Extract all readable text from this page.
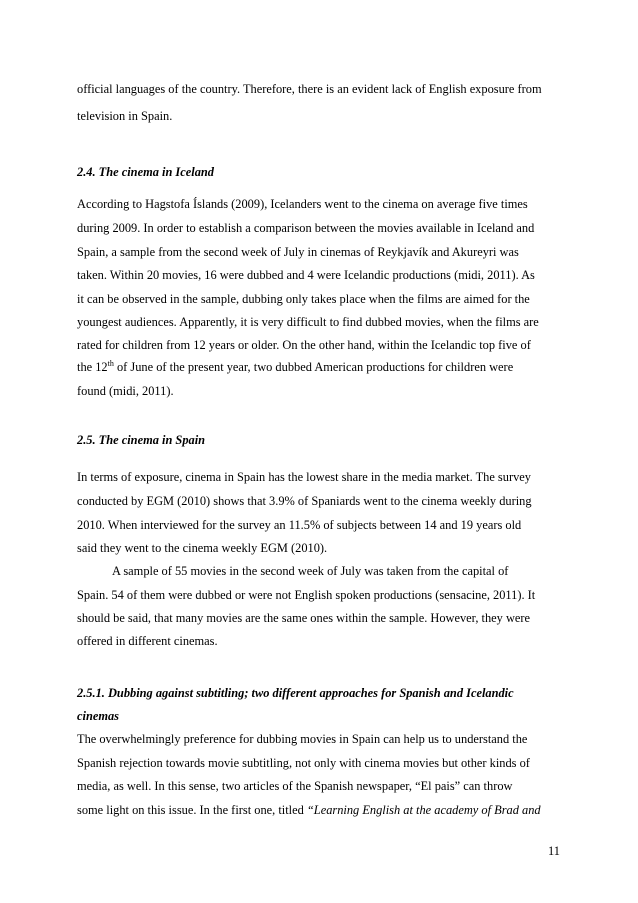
official languages of the country. Therefore, there is an evident lack of English exposure from
television in Spain.
2.4. The cinema in Iceland
According to Hagstofa Íslands (2009), Icelanders went to the cinema on average five times
during 2009. In order to establish a comparison between the movies available in Iceland and
Spain, a sample from the second week of July in cinemas of Reykjavík and Akureyri was
taken. Within 20 movies, 16 were dubbed and 4 were Icelandic productions (midi, 2011). As
it can be observed in the sample, dubbing only takes place when the films are aimed for the
youngest audiences. Apparently, it is very difficult to find dubbed movies, when the films are
rated for children from 12 years or older. On the other hand, within the Icelandic top five of
the 12th of June of the present year, two dubbed American productions for children were
found (midi, 2011).
2.5. The cinema in Spain
In terms of exposure, cinema in Spain has the lowest share in the media market. The survey
conducted by EGM (2010) shows that 3.9% of Spaniards went to the cinema weekly during
2010. When interviewed for the survey an 11.5% of subjects between 14 and 19 years old
said they went to the cinema weekly EGM (2010).
A sample of 55 movies in the second week of July was taken from the capital of
Spain. 54 of them were dubbed or were not English spoken productions (sensacine, 2011). It
should be said, that many movies are the same ones within the sample. However, they were
offered in different cinemas.
2.5.1. Dubbing against subtitling; two different approaches for Spanish and Icelandic
cinemas
The overwhelmingly preference for dubbing movies in Spain can help us to understand the
Spanish rejection towards movie subtitling, not only with cinema movies but other kinds of
media, as well. In this sense, two articles of the Spanish newspaper, “El pais” can throw
some light on this issue. In the first one, titled “Learning English at the academy of Brad and
11
